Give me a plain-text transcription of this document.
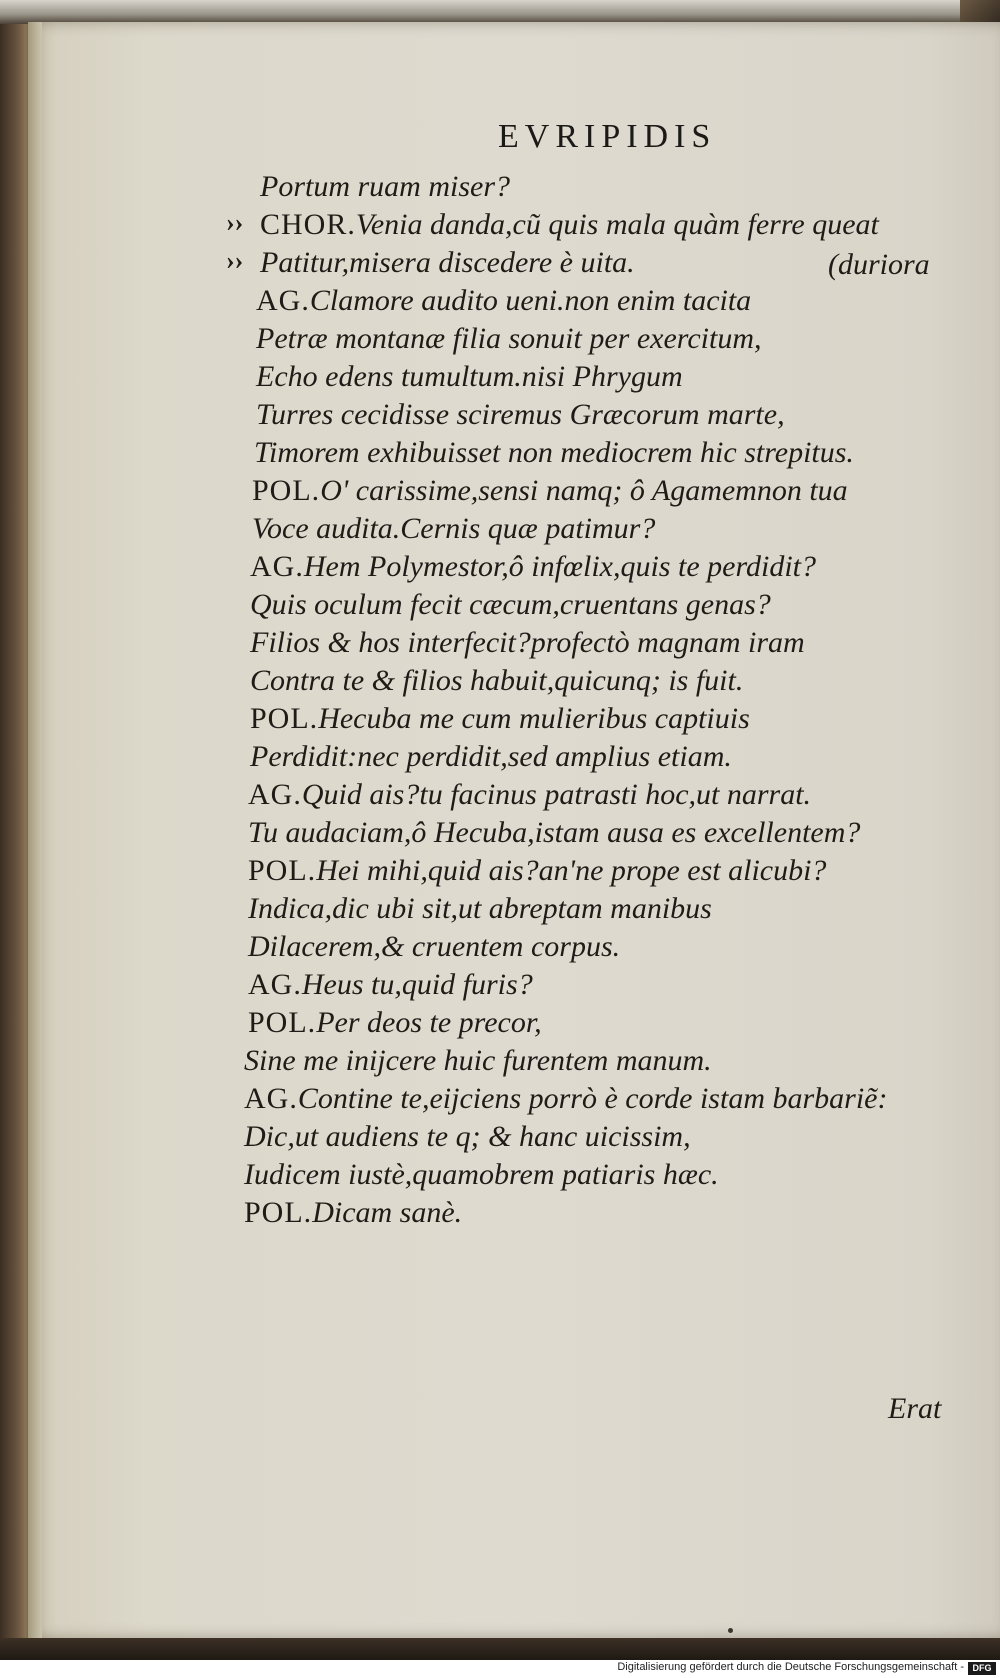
EVRIPIDIS
››
››
Portum ruam miser?
CHOR.Venia danda,cũ quis mala quàm ferre queat
Patitur,misera discedere è uita.
AG.Clamore audito ueni.non enim tacita
Petræ montanæ filia sonuit per exercitum,
Echo edens tumultum.nisi Phrygum
Turres cecidisse sciremus Græcorum marte,
Timorem exhibuisset non mediocrem hic strepitus.
POL.O' carissime,sensi namq; ô Agamemnon tua
Voce audita.Cernis quæ patimur?
AG.Hem Polymestor,ô infœlix,quis te perdidit?
Quis oculum fecit cæcum,cruentans genas?
Filios & hos interfecit?profectò magnam iram
Contra te & filios habuit,quicunq; is fuit.
POL.Hecuba me cum mulieribus captiuis
Perdidit:nec perdidit,sed amplius etiam.
AG.Quid ais?tu facinus patrasti hoc,ut narrat.
Tu audaciam,ô Hecuba,istam ausa es excellentem?
POL.Hei mihi,quid ais?an'ne prope est alicubi?
Indica,dic ubi sit,ut abreptam manibus
Dilacerem,& cruentem corpus.
AG.Heus tu,quid furis?
POL.Per deos te precor,
Sine me inijcere huic furentem manum.
AG.Contine te,eijciens porrò è corde istam barbariẽ:
Dic,ut audiens te q; & hanc uicissim,
Iudicem iustè,quamobrem patiaris hæc.
POL.Dicam sanè.
(duriora
Erat
Digitalisierung gefördert durch die Deutsche Forschungsgemeinschaft - DFG
